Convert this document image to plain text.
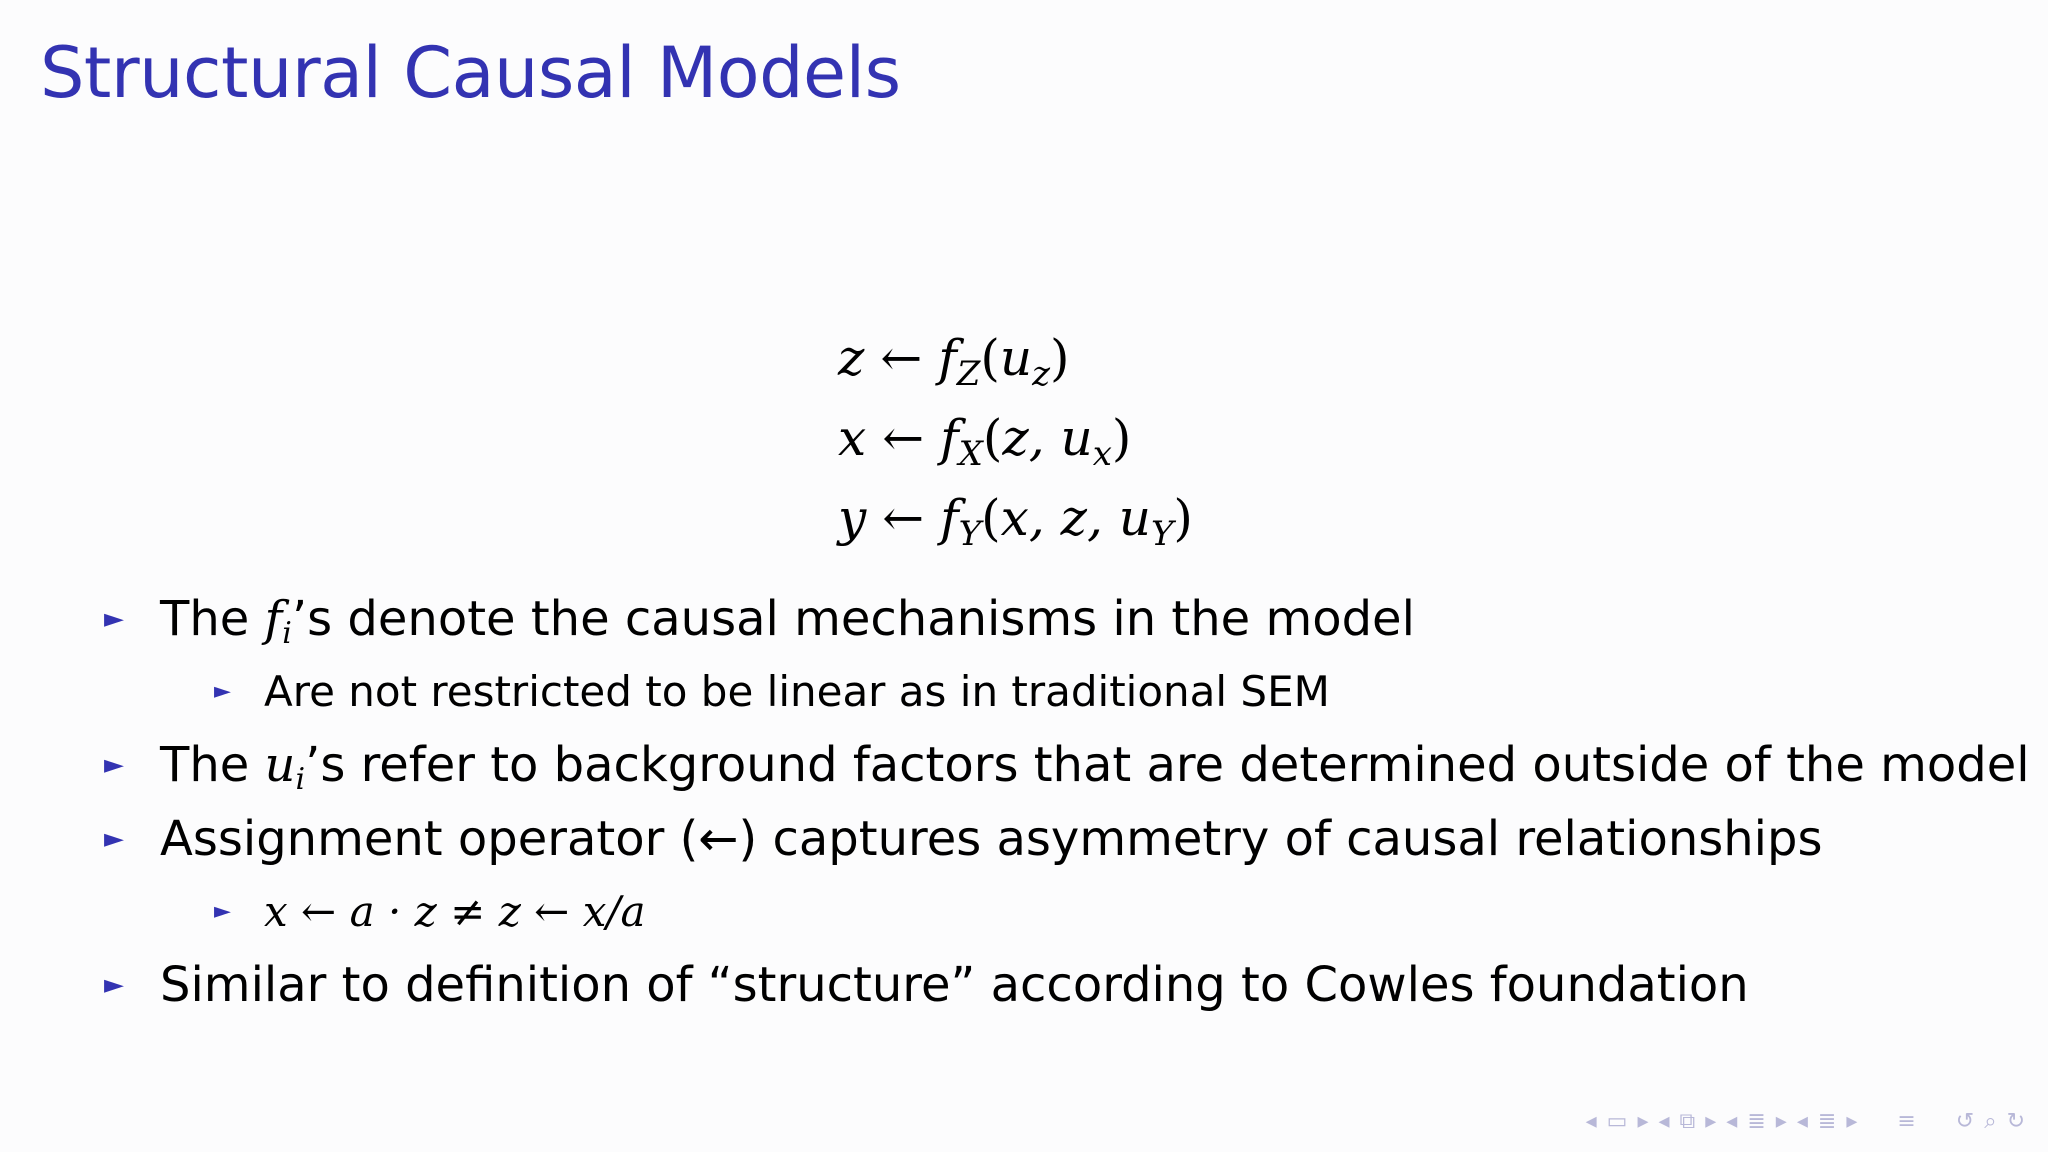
Structural Causal Models
z ← $f_Z(u_z)$
x ← $f_X(z$, $u_x$)
y ← $f_Y(x$, z, $u_Y$)
► The $f_i’s$ denote the causal mechanisms in the model
► Are not restricted to be linear as in traditional SEM
► The $u_i’s$ refer to background factors that are determined outside of the model
► Assignment operator (←) captures asymmetry of causal relationships
► x ← a · z ≠ z ← x/a
► Similar to definition of “structure” according to Cowles foundation
◂ ▭ ▸ ◂ ⧉ ▸ ◂ ≣ ▸ ◂ ≣ ▸ ≡ ↺ ⌕ ↻
